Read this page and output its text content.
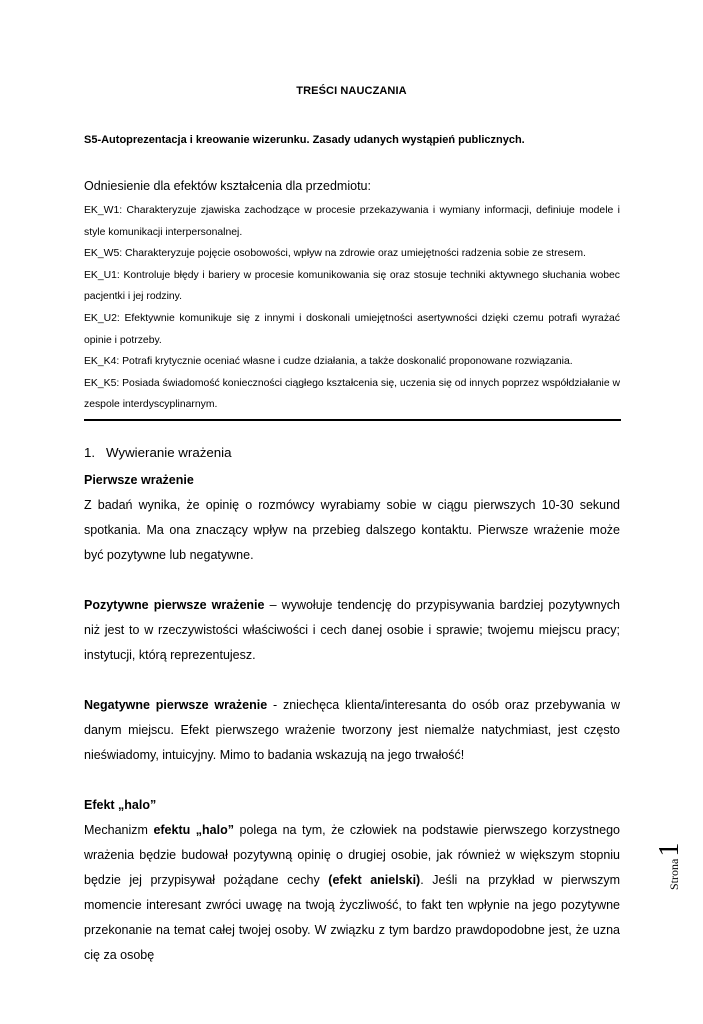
TREŚCI NAUCZANIA
S5-Autoprezentacja i kreowanie wizerunku. Zasady udanych wystąpień publicznych.
Odniesienie dla efektów kształcenia dla przedmiotu:

EK_W1: Charakteryzuje zjawiska zachodzące w procesie przekazywania i wymiany informacji, definiuje modele i style komunikacji interpersonalnej.

EK_W5: Charakteryzuje pojęcie osobowości, wpływ na zdrowie oraz umiejętności radzenia sobie ze stresem.

EK_U1: Kontroluje błędy i bariery w procesie komunikowania się oraz stosuje techniki aktywnego słuchania wobec pacjentki i jej rodziny.

EK_U2: Efektywnie komunikuje się z innymi i doskonali umiejętności asertywności dzięki czemu potrafi wyrażać opinie i potrzeby.

EK_K4: Potrafi krytycznie oceniać własne i cudze działania, a także doskonalić proponowane rozwiązania.

EK_K5: Posiada świadomość konieczności ciągłego kształcenia się, uczenia się od innych poprzez współdziałanie w zespole interdyscyplinarnym.

1. Wywieranie wrażenia

Pierwsze wrażenie

Z badań wynika, że opinię o rozmówcy wyrabiamy sobie w ciągu pierwszych 10-30 sekund spotkania. Ma ona znaczący wpływ na przebieg dalszego kontaktu. Pierwsze wrażenie może być pozytywne lub negatywne.

Pozytywne pierwsze wrażenie – wywołuje tendencję do przypisywania bardziej pozytywnych niż jest to w rzeczywistości właściwości i cech danej osobie i sprawie; twojemu miejscu pracy; instytucji, którą reprezentujesz.

Negatywne pierwsze wrażenie - zniechęca klienta/interesanta do osób oraz przebywania w danym miejscu. Efekt pierwszego wrażenie tworzony jest niemalże natychmiast, jest często nieświadomy, intuicyjny. Mimo to badania wskazują na jego trwałość!

Efekt „halo”

Mechanizm efektu „halo” polega na tym, że człowiek na podstawie pierwszego korzystnego wrażenia będzie budował pozytywną opinię o drugiej osobie, jak również w większym stopniu będzie jej przypisywał pożądane cechy (efekt anielski). Jeśli na przykład w pierwszym momencie interesant zwróci uwagę na twoją życzliwość, to fakt ten wpłynie na jego pozytywne przekonanie na temat całej twojej osoby. W związku z tym bardzo prawdopodobne jest, że uzna cię za osobę

Strona1
